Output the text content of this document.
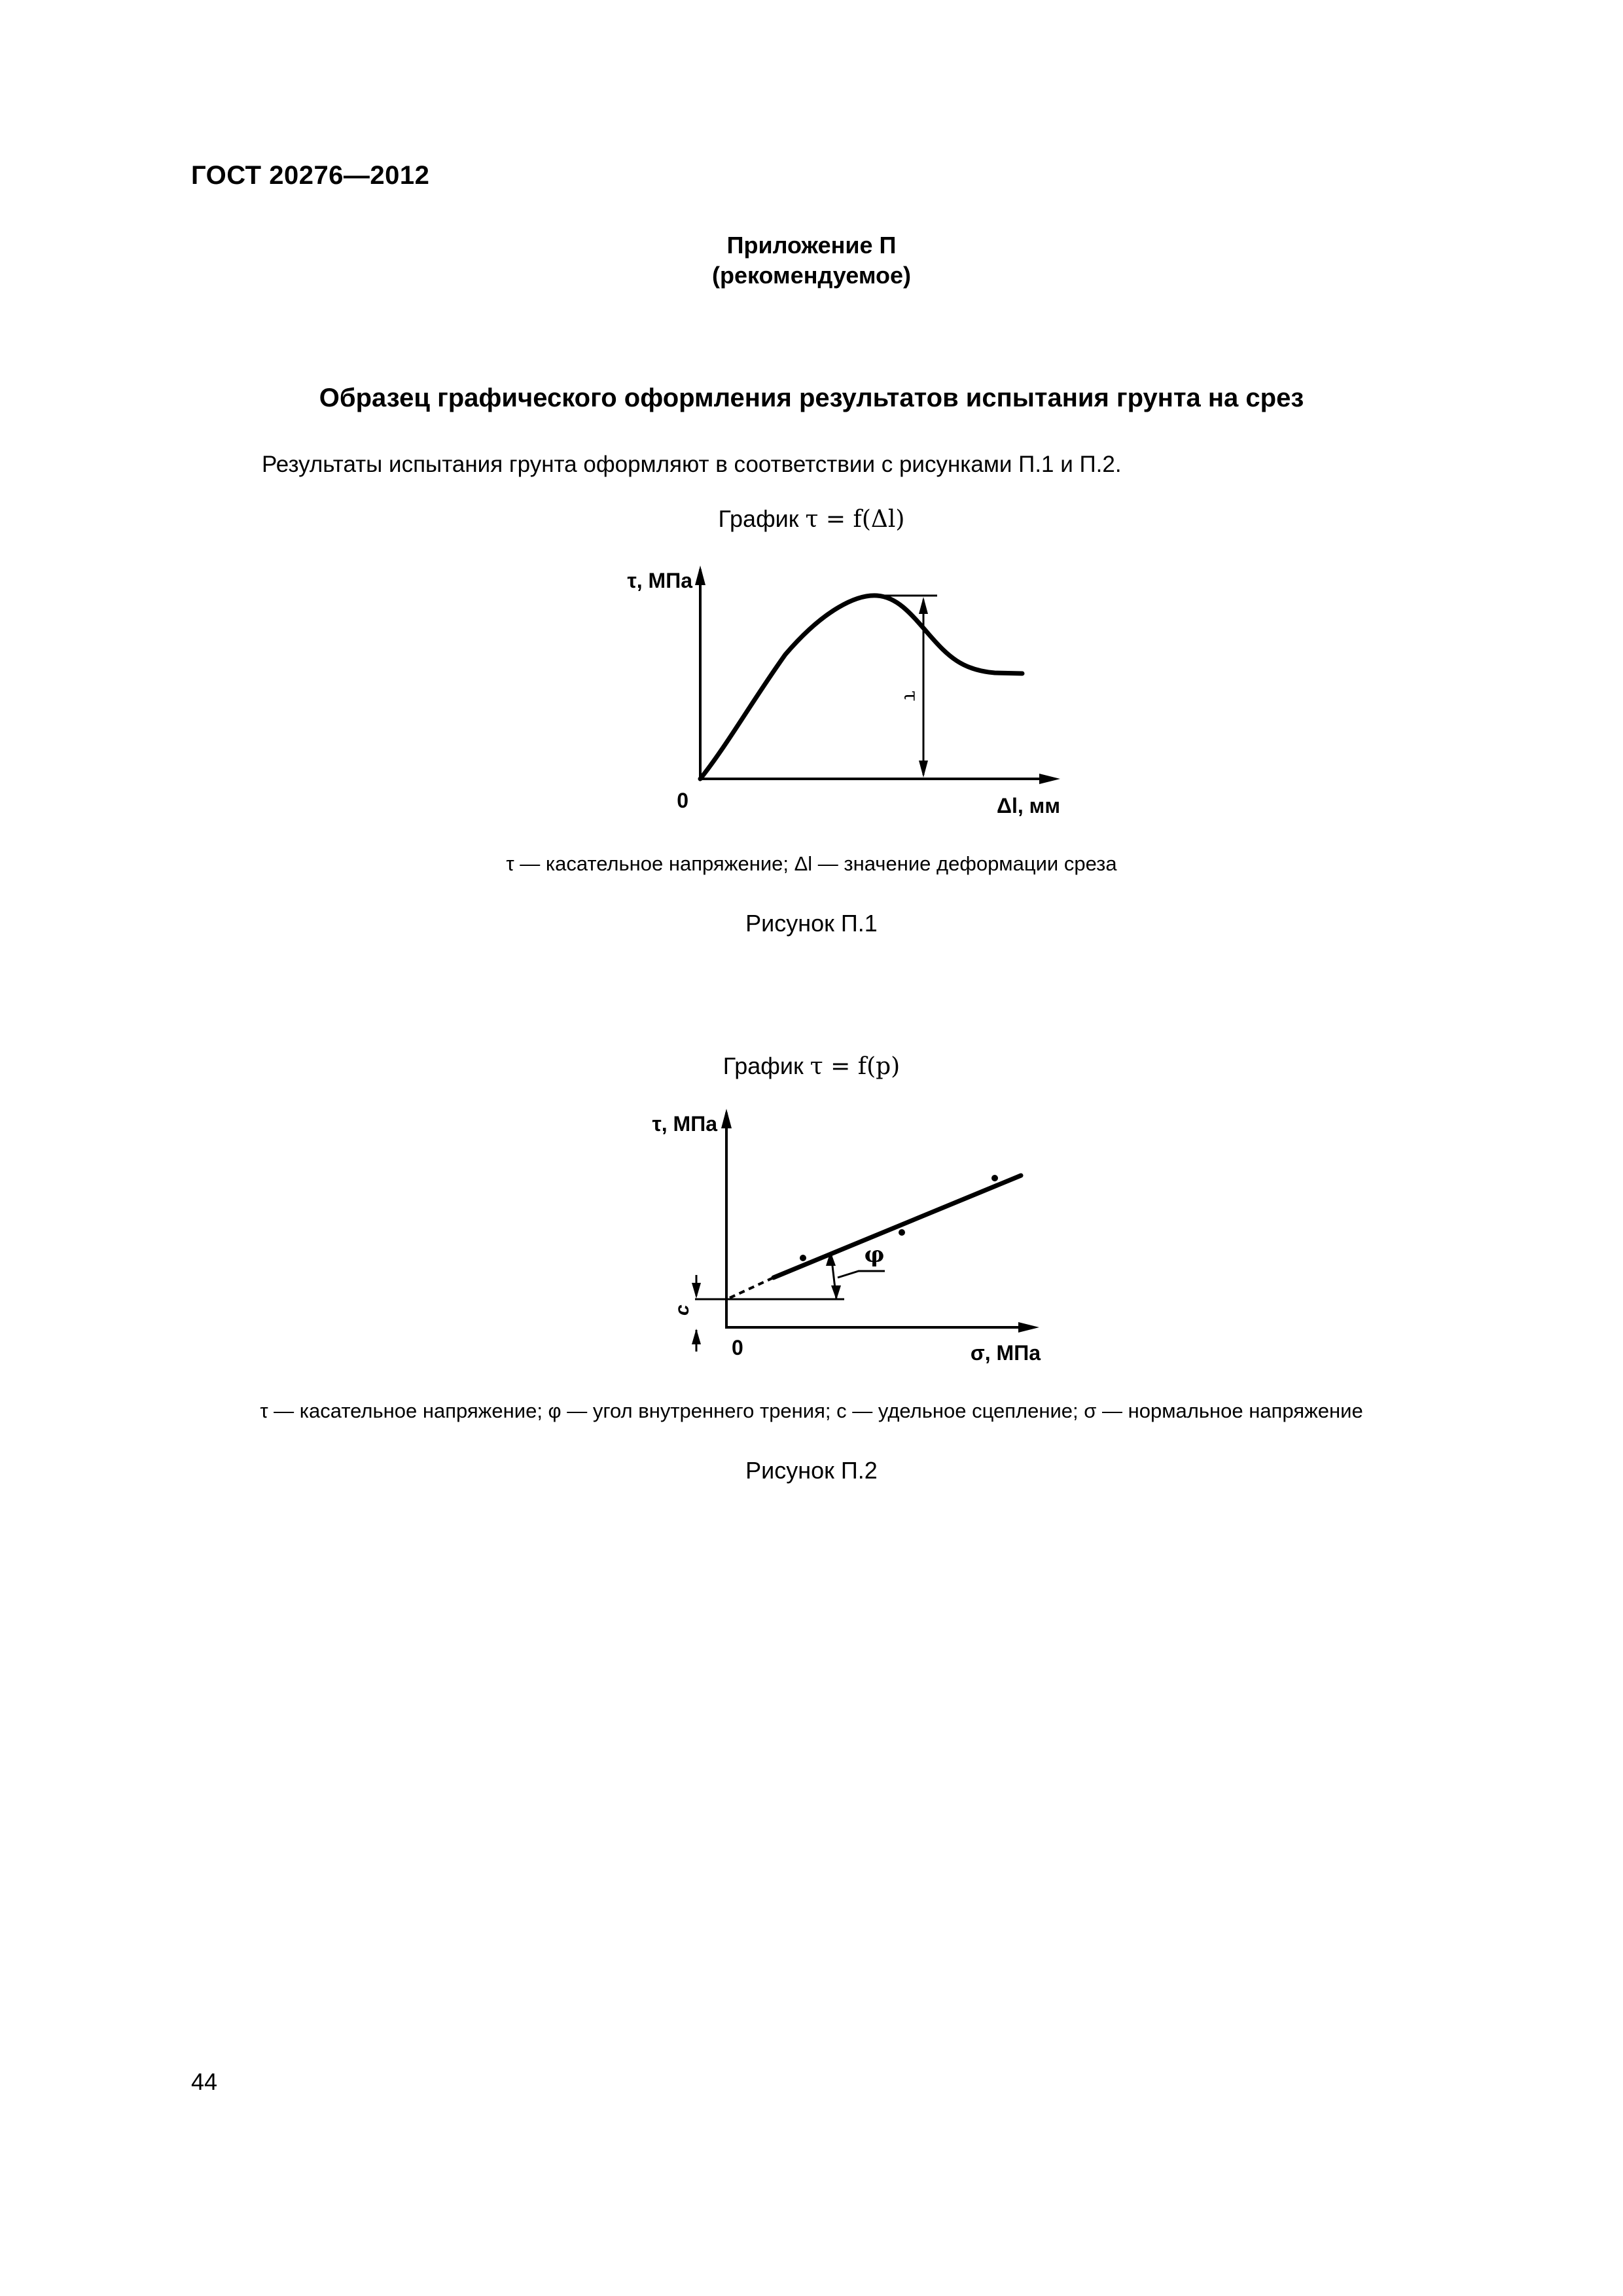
ГОСТ 20276—2012
Приложение П
(рекомендуемое)
Образец графического оформления результатов испытания грунта на срез
Результаты испытания грунта оформляют в соответствии с рисунками П.1 и П.2.
График τ = f(Δl)
τ, МПа
0	Δl, мм
τ
τ — касательное напряжение; Δl — значение деформации среза
Рисунок П.1
График τ = f(p)
τ, МПа
0	σ, МПа
c
φ
τ — касательное напряжение; φ — угол внутреннего трения; c — удельное сцепление; σ — нормальное напряжение
Рисунок П.2
44
